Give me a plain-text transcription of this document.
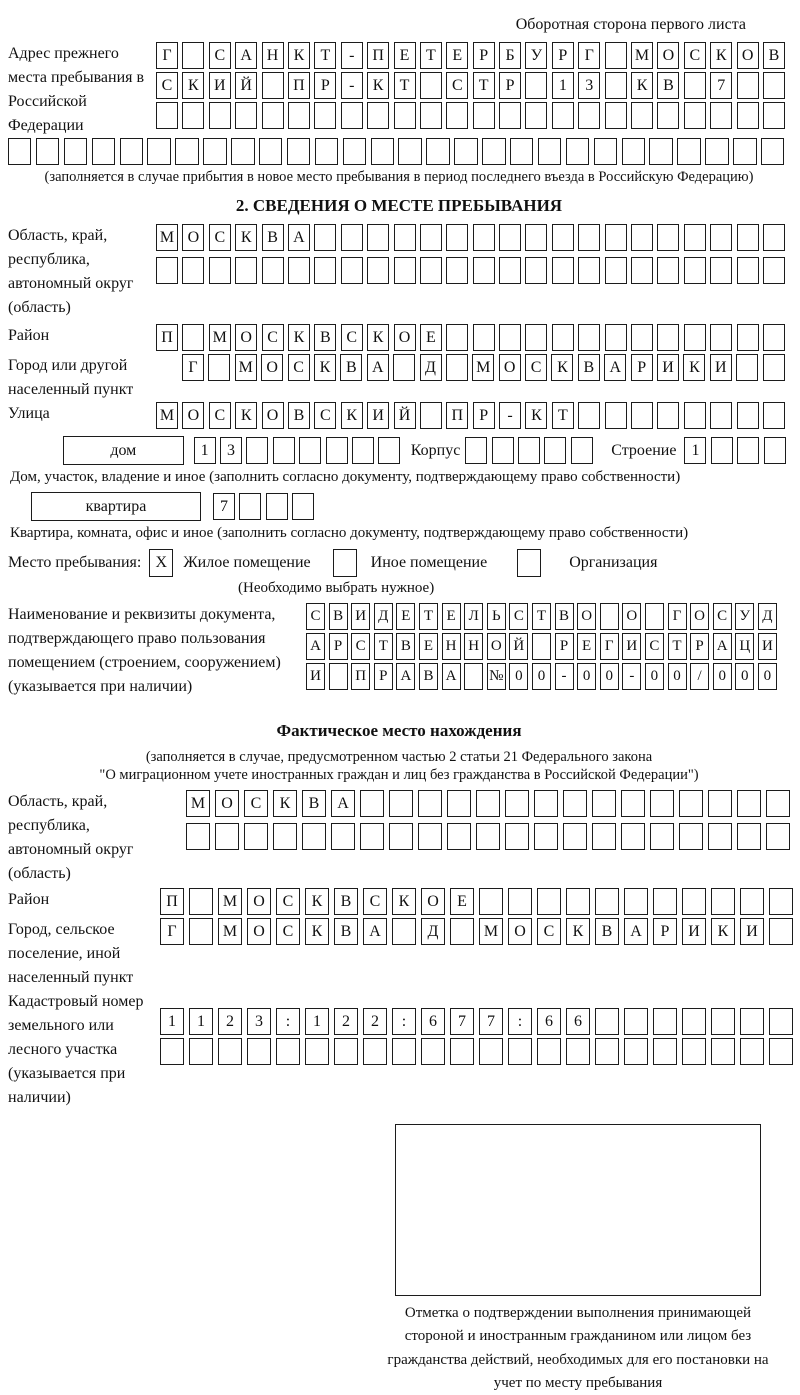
Оборотная сторона первого листа
Адрес прежнего места пребывания в Российской Федерации
Г	С А Н К	Т	-	П Е	Т	Е	Р	Б	У	Р	Г	М О С К О В
С К И Й	П	Р	-	К	Т	С	Т	Р	1	3	К В	7
(заполняется в случае прибытия в новое место пребывания в период последнего въезда в Российскую Федерацию)
2. СВЕДЕНИЯ О МЕСТЕ ПРЕБЫВАНИЯ
Область, край, республика, автономный округ (область)
М О С К В А
Район	П	М О С К В С К О Е
Город или другой населенный пункт
Г	М О С К В А	Д	М О С К В А	Р	И К И
Улица	М О С К О В С К И Й	П	Р	-	К	Т
дом	1	3	Корпус	Строение 1
Дом, участок, владение и иное (заполнить согласно документу, подтверждающему право собственности)
квартира	7
Квартира, комната, офис и иное (заполнить согласно документу, подтверждающему право собственности)
Место пребывания: X	Жилое помещение	Иное помещение	Организация
(Необходимо выбрать нужное)
Наименование и реквизиты документа, подтверждающего право пользования помещением (строением, сооружением) (указывается при наличии)
С В И Д Е Т Е Л Ь С Т В О О	Г О С У Д
А Р С Т В Е Н Н О Й	Р Е Г И С Т Р А Ц И
И П Р А В А № 0	0	-	0	0	-	0	0	/	0	0	0
Фактическое место нахождения
(заполняется в случае, предусмотренном частью 2 статьи 21 Федерального закона
"О миграционном учете иностранных граждан и лиц без гражданства в Российской Федерации")
Область, край, республика, автономный округ (область)
М	О	С	К	В	А
Район	П	М	О	С	К	В	С	К	О	Е
Город, сельское поселение, иной населенный пункт
Г	М	О	С	К	В	А	Д	М	О	С	К	В	А	Р	И	К	И
Кадастровый номер земельного или лесного участка (указывается при наличии)
1	1	2	3	:	1	2	2	:	6	7	7	:	6	6
Отметка о подтверждении выполнения принимающей стороной и иностранным гражданином или лицом без гражданства действий, необходимых для его постановки на учет по месту пребывания
